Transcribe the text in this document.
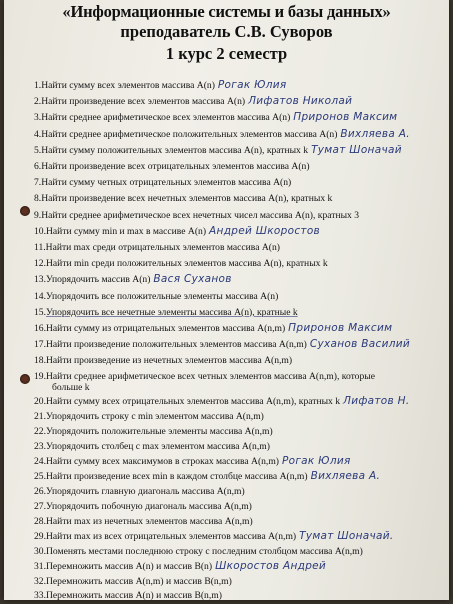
«Информационные системы и базы данных»
преподаватель С.В. Суворов
1 курс 2 семестр
1.Найти сумму всех элементов массива A(n) Рогак Юлия
2.Найти произведение всех элементов массива A(n) Лифатов Николай
3.Найти среднее арифметическое всех элементов массива A(n) Приронов Максим
4.Найти среднее арифметическое положительных элементов массива A(n) Вихляева А.
5.Найти сумму положительных элементов массива A(n), кратных k Тумат Шоначай
6.Найти произведение всех отрицательных элементов массива A(n)
7.Найти сумму четных отрицательных элементов массива A(n)
8.Найти произведение всех нечетных элементов массива A(n), кратных k
9.Найти среднее арифметическое всех нечетных чисел массива A(n), кратных 3
10.Найти сумму min и max в массиве A(n) Андрей Шкоростов
11.Найти max среди отрицательных элементов массива A(n)
12.Найти min среди положительных элементов массива A(n), кратных k
13.Упорядочить массив A(n) Вася Суханов
14.Упорядочить все положительные элементы массива A(n)
15.Упорядочить все нечетные элементы массива A(n), кратные k
16.Найти сумму из отрицательных элементов массива A(n,m) Приронов Максим
17.Найти произведение положительных элементов массива A(n,m) Суханов Василий
18.Найти произведение из нечетных элементов массива A(n,m)
19.Найти среднее арифметическое всех четных элементов массива A(n,m), которые
больше k
20.Найти сумму всех отрицательных элементов массива A(n,m), кратных k Лифатов Н.
21.Упорядочить строку с min элементом массива A(n,m)
22.Упорядочить положительные элементы массива A(n,m)
23.Упорядочить столбец с max элементом массива A(n,m)
24.Найти сумму всех максимумов в строках массива A(n,m) Рогак Юлия
25.Найти произведение всех min в каждом столбце массива A(n,m) Вихляева А.
26.Упорядочить главную диагональ массива A(n,m)
27.Упорядочить побочную диагональ массива A(n,m)
28.Найти max из нечетных элементов массива A(n,m)
29.Найти max из всех отрицательных элементов массива A(n,m) Тумат Шоначай.
30.Поменять местами последнюю строку с последним столбцом массива A(n,m)
31.Перемножить массив A(n) и массив B(n) Шкоростов Андрей
32.Перемножить массив A(n,m) и массив B(n,m)
33.Перемножить массив A(n) и массив B(n,m)
